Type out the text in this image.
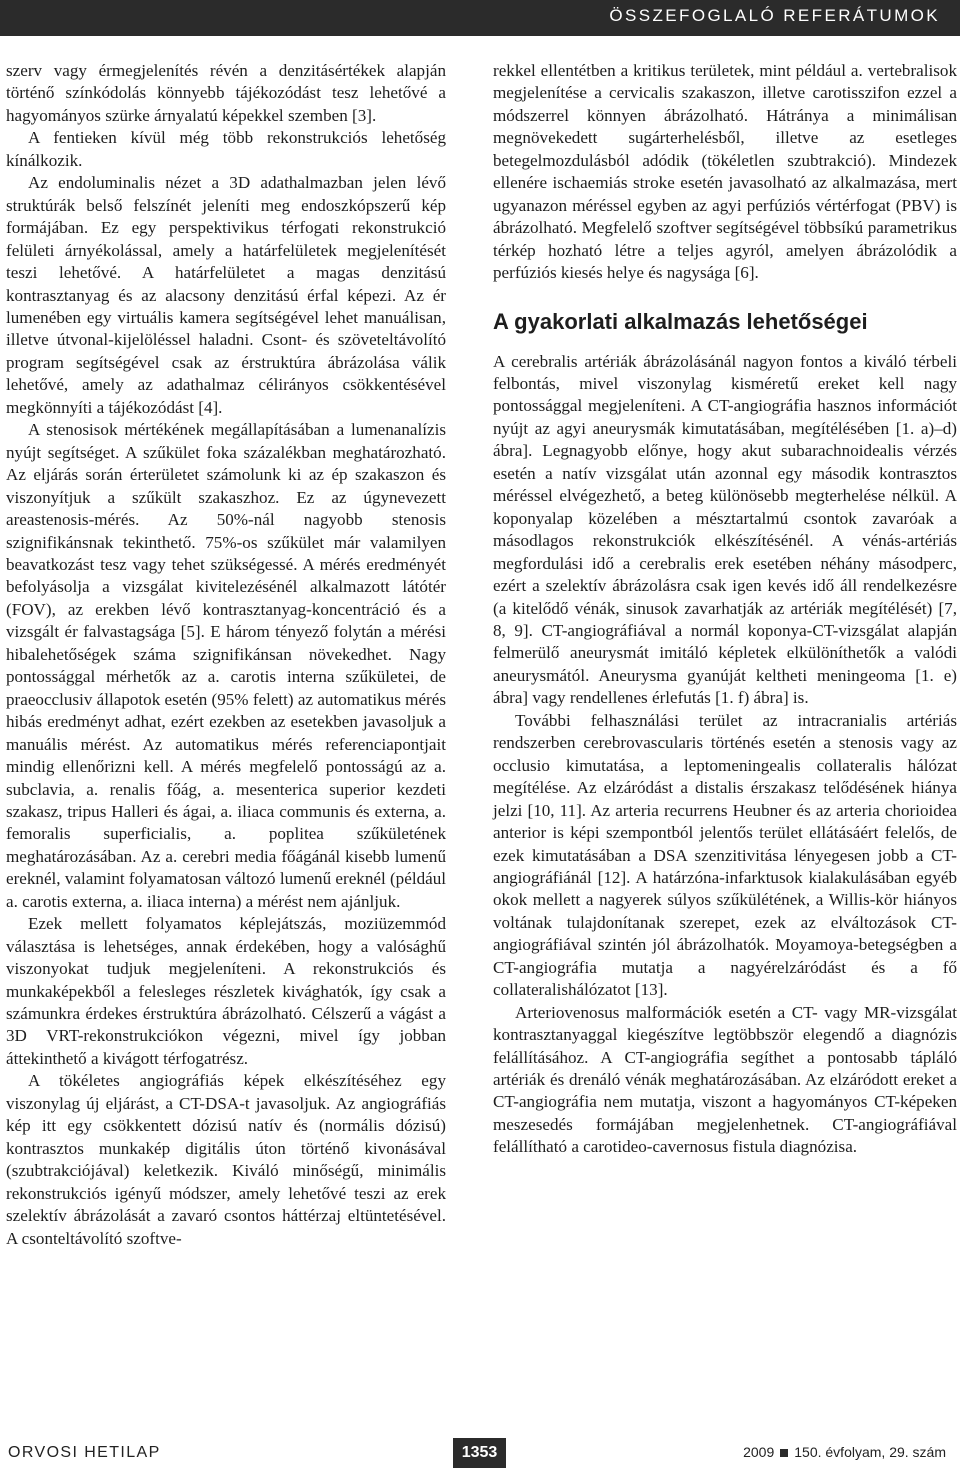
ÖSSZEFOGLALÓ REFERÁTUMOK

szerv vagy érmegjelenítés révén a denzitásértékek alapján történő színkódolás könnyebb tájékozódást tesz lehetővé a hagyományos szürke árnyalatú képekkel szemben [3].

A fentieken kívül még több rekonstrukciós lehetőség kínálkozik.

Az endoluminalis nézet a 3D adathalmazban jelen lévő struktúrák belső felszínét jeleníti meg endoszkópszerű kép formájában. Ez egy perspektivikus térfogati rekonstrukció felületi árnyékolással, amely a határfelületek megjelenítését teszi lehetővé. A határfelületet a magas denzitású kontrasztanyag és az alacsony denzitású érfal képezi. Az ér lumenében egy virtuális kamera segítségével lehet manuálisan, illetve útvonal-kijelöléssel haladni. Csont- és szöveteltávolító program segítségével csak az érstruktúra ábrázolása válik lehetővé, amely az adathalmaz célirányos csökkentésével megkönnyíti a tájékozódást [4].

A stenosisok mértékének megállapításában a lumenanalízis nyújt segítséget. A szűkület foka százalékban meghatározható. Az eljárás során érterületet számolunk ki az ép szakaszon és viszonyítjuk a szűkült szakaszhoz. Ez az úgynevezett areastenosis-mérés. Az 50%-nál nagyobb stenosis szignifikánsnak tekinthető. 75%-os szűkület már valamilyen beavatkozást tesz vagy tehet szükségessé. A mérés eredményét befolyásolja a vizsgálat kivitelezésénél alkalmazott látótér (FOV), az erekben lévő kontrasztanyag-koncentráció és a vizsgált ér falvastagsága [5]. E három tényező folytán a mérési hibalehetőségek száma szignifikánsan növekedhet. Nagy pontossággal mérhetők az a. carotis interna szűkületei, de praeocclusiv állapotok esetén (95% felett) az automatikus mérés hibás eredményt adhat, ezért ezekben az esetekben javasoljuk a manuális mérést. Az automatikus mérés referenciapontjait mindig ellenőrizni kell. A mérés megfelelő pontosságú az a. subclavia, a. renalis főág, a. mesenterica superior kezdeti szakasz, tripus Halleri és ágai, a. iliaca communis és externa, a. femoralis superficialis, a. poplitea szűkületének meghatározásában. Az a. cerebri media főágánál kisebb lumenű ereknél, valamint folyamatosan változó lumenű ereknél (például a. carotis externa, a. iliaca interna) a mérést nem ajánljuk.

Ezek mellett folyamatos képlejátszás, moziüzemmód választása is lehetséges, annak érdekében, hogy a valósághű viszonyokat tudjuk megjeleníteni. A rekonstrukciós és munkaképekből a felesleges részletek kivághatók, így csak a számunkra érdekes érstruktúra ábrázolható. Célszerű a vágást a 3D VRT-rekonstrukciókon végezni, mivel így jobban áttekinthető a kivágott térfogatrész.

A tökéletes angiográfiás képek elkészítéséhez egy viszonylag új eljárást, a CT-DSA-t javasoljuk. Az angiográfiás kép itt egy csökkentett dózisú natív és (normális dózisú) kontrasztos munkakép digitális úton történő kivonásával (szubtrakciójával) keletkezik. Kiváló minőségű, minimális rekonstrukciós igényű módszer, amely lehetővé teszi az erek szelektív ábrázolását a zavaró csontos háttérzaj eltüntetésével. A csonteltávolító szoftve-

rekkel ellentétben a kritikus területek, mint például a. vertebralisok megjelenítése a cervicalis szakaszon, illetve carotisszifon ezzel a módszerrel könnyen ábrázolható. Hátránya a minimálisan megnövekedett sugárterhelésből, illetve az esetleges betegelmozdulásból adódik (tökéletlen szubtrakció). Mindezek ellenére ischaemiás stroke esetén javasolható az alkalmazása, mert ugyanazon méréssel egyben az agyi perfúziós vértérfogat (PBV) is ábrázolható. Megfelelő szoftver segítségével többsíkú parametrikus térkép hozható létre a teljes agyról, amelyen ábrázolódik a perfúziós kiesés helye és nagysága [6].

A gyakorlati alkalmazás lehetőségei

A cerebralis artériák ábrázolásánál nagyon fontos a kiváló térbeli felbontás, mivel viszonylag kisméretű ereket kell nagy pontossággal megjeleníteni. A CT-angiográfia hasznos információt nyújt az agyi aneurysmák kimutatásában, megítélésében [1. a)–d) ábra]. Legnagyobb előnye, hogy akut subarachnoidealis vérzés esetén a natív vizsgálat után azonnal egy második kontrasztos méréssel elvégezhető, a beteg különösebb megterhelése nélkül. A koponyalap közelében a mésztartalmú csontok zavaróak a másodlagos rekonstrukciók elkészítésénél. A vénás-artériás megfordulási idő a cerebralis erek esetében néhány másodperc, ezért a szelektív ábrázolásra csak igen kevés idő áll rendelkezésre (a kitelődő vénák, sinusok zavarhatják az artériák megítélését) [7, 8, 9]. CT-angiográfiával a normál koponya-CT-vizsgálat alapján felmerülő aneurysmát imitáló képletek elkülöníthetők a valódi aneurysmától. Aneurysma gyanúját keltheti meningeoma [1. e) ábra] vagy rendellenes érlefutás [1. f) ábra] is.

További felhasználási terület az intracranialis artériás rendszerben cerebrovascularis történés esetén a stenosis vagy az occlusio kimutatása, a leptomeningealis collateralis hálózat megítélése. Az elzáródást a distalis érszakasz telődésének hiánya jelzi [10, 11]. Az arteria recurrens Heubner és az arteria chorioidea anterior is képi szempontból jelentős terület ellátásáért felelős, de ezek kimutatásában a DSA szenzitivitása lényegesen jobb a CT-angiográfiánál [12]. A határzóna-infarktusok kialakulásában egyéb okok mellett a nagyerek súlyos szűkülétének, a Willis-kör hiányos voltának tulajdonítanak szerepet, ezek az elváltozások CT-angiográfiával szintén jól ábrázolhatók. Moyamoya-betegségben a CT-angiográfia mutatja a nagyérelzáródást és a fő collateralishálózatot [13].

Arteriovenosus malformációk esetén a CT- vagy MR-vizsgálat kontrasztanyaggal kiegészítve legtöbbször elegendő a diagnózis felállításához. A CT-angiográfia segíthet a pontosabb tápláló artériák és drenáló vénák meghatározásában. Az elzáródott ereket a CT-angiográfia nem mutatja, viszont a hagyományos CT-képeken meszesedés formájában megjelenhetnek. CT-angiográfiával felállítható a carotideo-cavernosus fistula diagnózisa.

ORVOSI HETILAP	1353	2009 150. évfolyam, 29. szám
